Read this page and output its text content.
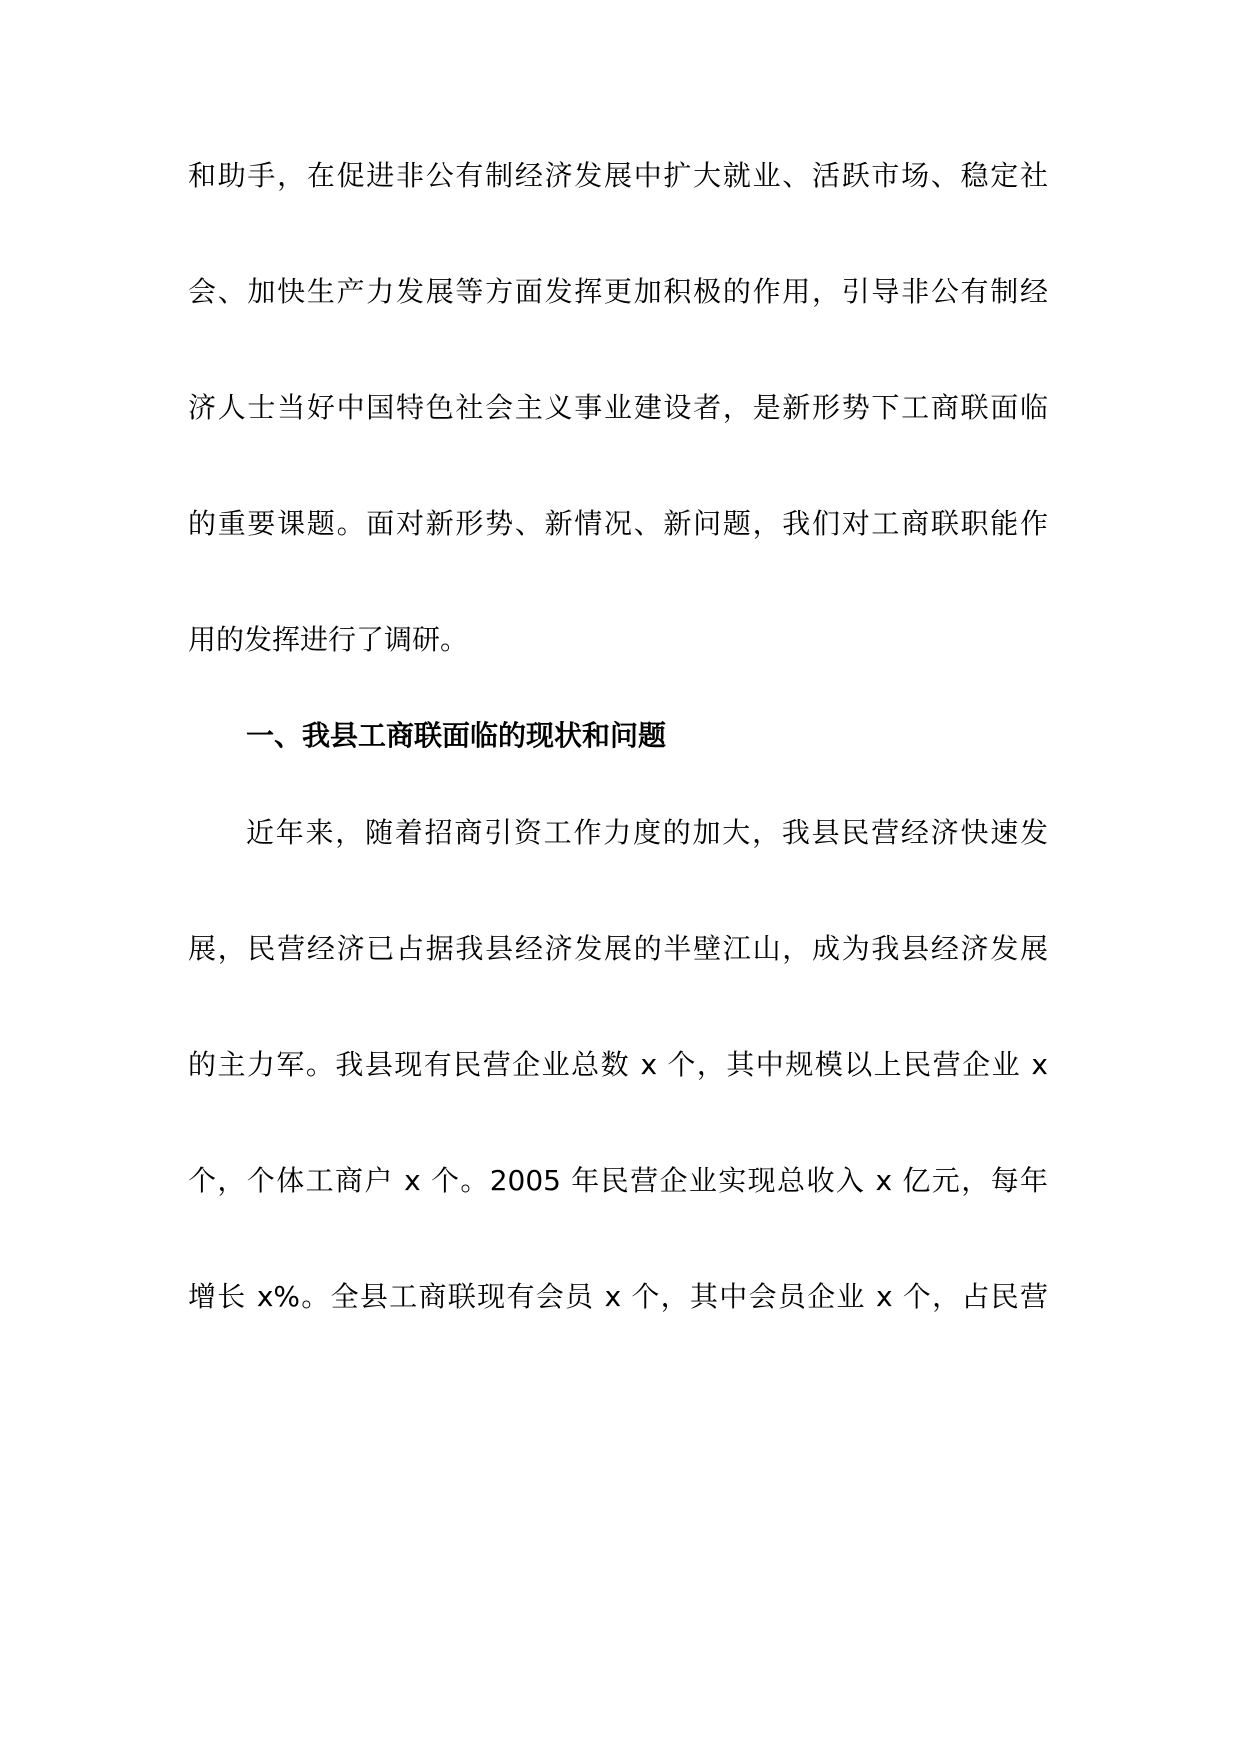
和助手，在促进非公有制经济发展中扩大就业、活跃市场、稳定社

会、加快生产力发展等方面发挥更加积极的作用，引导非公有制经

济人士当好中国特色社会主义事业建设者，是新形势下工商联面临

的重要课题。面对新形势、新情况、新问题，我们对工商联职能作

用的发挥进行了调研。

一、我县工商联面临的现状和问题

近年来，随着招商引资工作力度的加大，我县民营经济快速发

展，民营经济已占据我县经济发展的半壁江山，成为我县经济发展

的主力军。我县现有民营企业总数 x 个，其中规模以上民营企业 x

个，个体工商户 x 个。2005 年民营企业实现总收入 x 亿元，每年

增长 x%。全县工商联现有会员 x 个，其中会员企业 x 个，占民营
